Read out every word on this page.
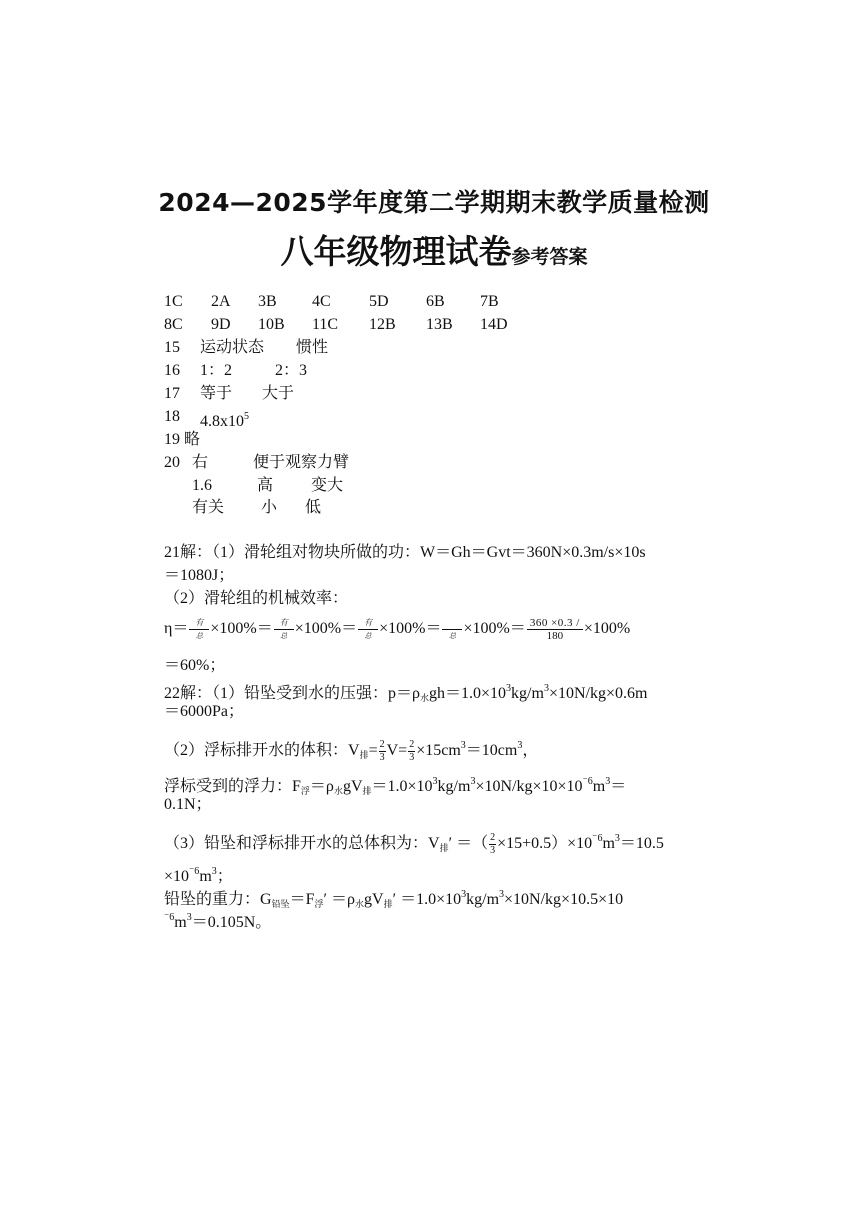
2024—2025学年度第二学期期末教学质量检测
八年级物理试卷参考答案
1C 2A 3B 4C 5D 6B 7B
8C 9D 10B 11C 12B 13B 14D
15 运动状态 惯性
16 1：2	2：3
17 等于 大于
18 $4.8x10^5$
19 略
20 右	便于观察力臂
1.6	高 变大
有关 小 低
21解：（1）滑轮组对物块所做的功：W＝Gh＝Gvt＝360N×0.3m/s×10s
＝1080J；
（2）滑轮组的机械效率：
$\eta= \frac{\text{有}}{\text{总}} \times 100\%= \frac{\text{有}}{\text{总}} \times 100\%= \frac{\text{有}}{\text{总}} \times 100\%=$	总 $\times 100\%= \frac{360 \times 0.3 /}{180} \times 100\%$
＝60%；
22解：（1）铅坠受到水的压强：$p=\rho_水gh=1.0\times 10^3kg/m^3\times 10N/kg\times 0.6m$
＝6000Pa；
（2）浮标排开水的体积：$V_排= \frac{2}{3} V= \frac{2}{3} \times 15cm^3=10cm^3$，
浮标受到的浮力：$F_浮=\rho_水gV_排=1.0\times 10^3kg/m^3\times 10N/kg\times 10\times 10^{^-6}m^3=$
0.1N；
（3）铅坠和浮标排开水的总体积为：$V_排'$ ＝（ $\frac{2}{3} \times 15+0.5)\times 10^{^-6}m^3=10.5$
$\times 10^{^-6}m^3$；
铅坠的重力：$G_{铅坠}=F_浮' =\rho_水gV_排' =1.0\times 10^3kg/m^3\times 10N/kg\times 10.5\times 10$
$^{^-6}m^3=0.105N$。
